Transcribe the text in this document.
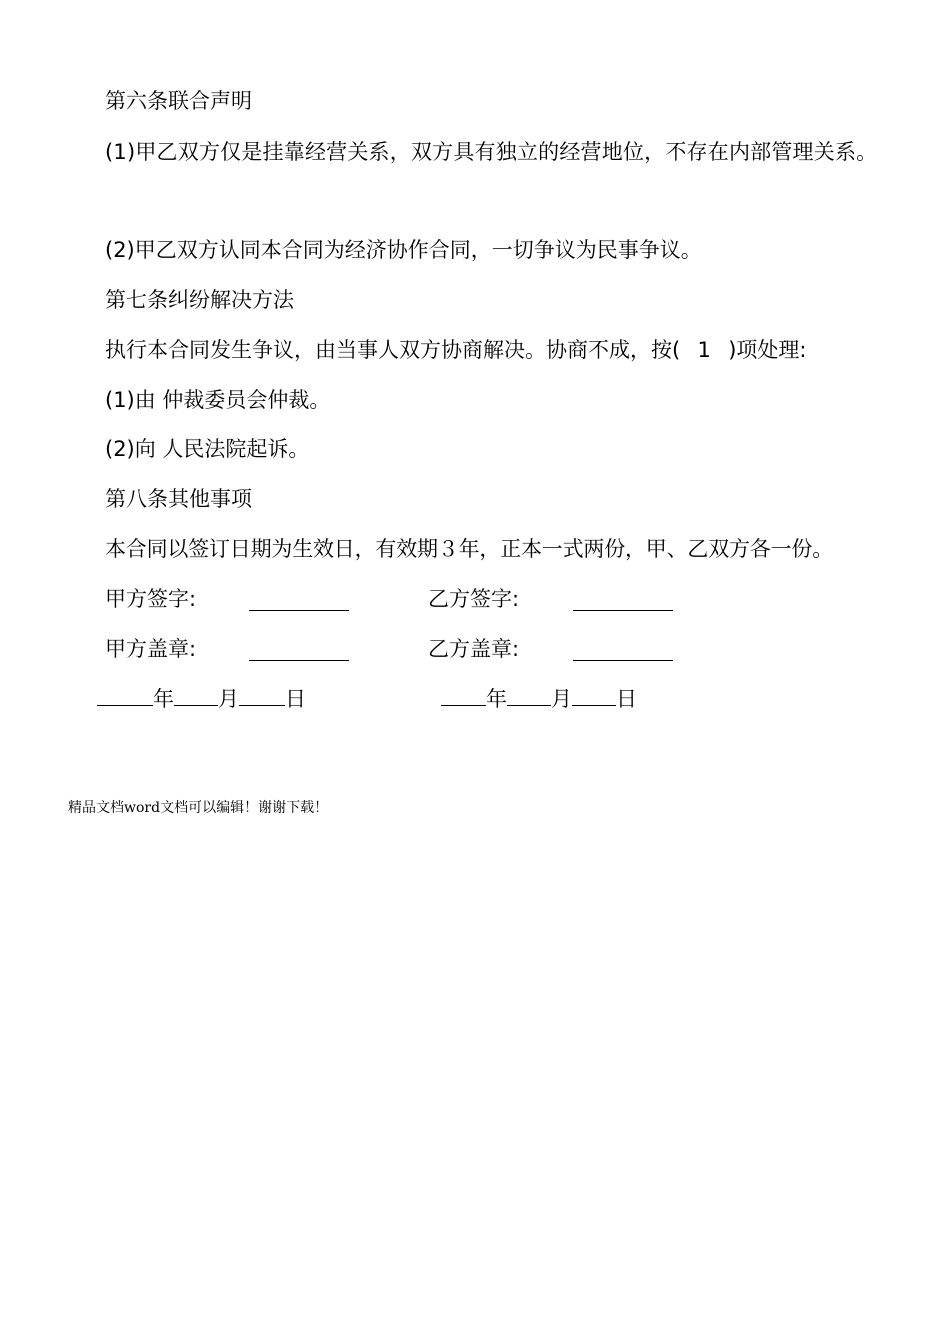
第六条联合声明
(1)甲乙双方仅是挂靠经营关系，双方具有独立的经营地位，不存在内部管理关系。
(2)甲乙双方认同本合同为经济协作合同，一切争议为民事争议。
第七条纠纷解决方法
执行本合同发生争议，由当事人双方协商解决。协商不成，按( 1 )项处理:
(1)由 仲裁委员会仲裁。
(2)向 人民法院起诉。
第八条其他事项
本合同以签订日期为生效日，有效期３年，正本一式两份，甲、乙双方各一份。
甲方签字:	乙方签字:
甲方盖章:	乙方盖章:
年 月 日	年 月 日
精品文档word文档可以编辑！谢谢下载！
